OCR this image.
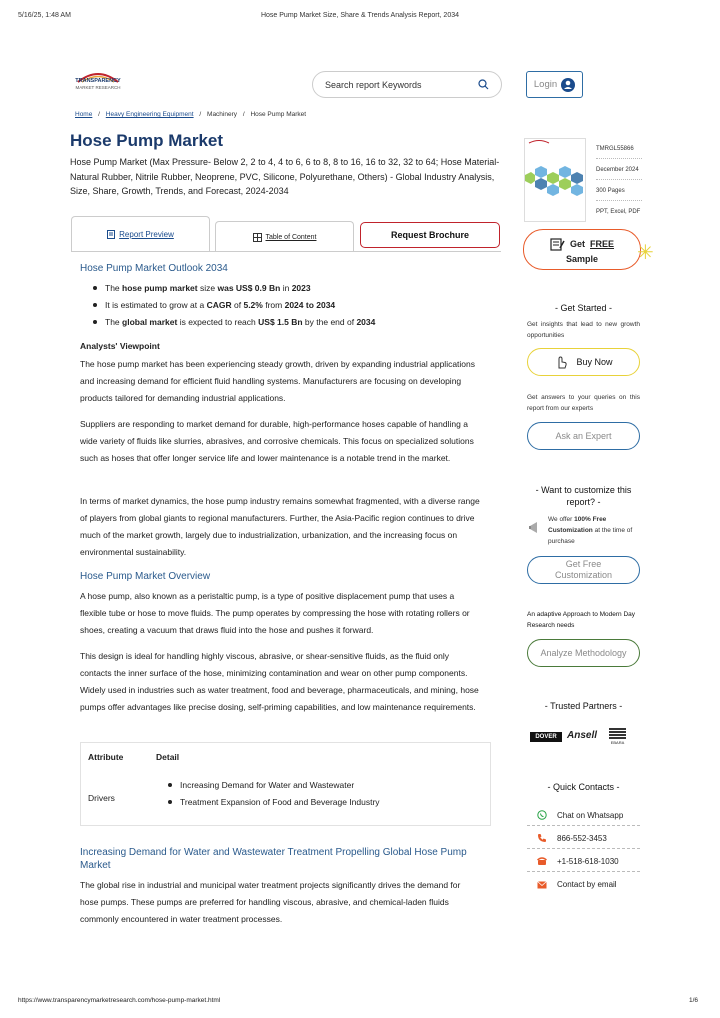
5/16/25, 1:48 AM	Hose Pump Market Size, Share & Trends Analysis Report, 2034
TRANSPARENCY
MARKET RESEARCH	Search report Keywords	Login
Home / Heavy Engineering Equipment / Machinery / Hose Pump Market
Hose Pump Market
Hose Pump Market (Max Pressure- Below 2, 2 to 4, 4 to 6, 6 to 8, 8 to 16, 16 to 32, 32 to 64; Hose Material- Natural Rubber, Nitrile Rubber, Neoprene, PVC, Silicone, Polyurethane, Others) - Global Industry Analysis, Size, Share, Growth, Trends, and Forecast, 2024-2034
TMRGL55866
December 2024
300 Pages
PPT, Excel, PDF
Report Preview	Table of Content	Request Brochure
Get FREE
Sample	✳
Hose Pump Market Outlook 2034
The hose pump market size was US$ 0.9 Bn in 2023
It is estimated to grow at a CAGR of 5.2% from 2024 to 2034
The global market is expected to reach US$ 1.5 Bn by the end of 2034
Analysts' Viewpoint
The hose pump market has been experiencing steady growth, driven by expanding industrial applications and increasing demand for efficient fluid handling systems. Manufacturers are focusing on developing products tailored for demanding industrial applications.
Suppliers are responding to market demand for durable, high-performance hoses capable of handling a wide variety of fluids like slurries, abrasives, and corrosive chemicals. This focus on specialized solutions such as hoses that offer longer service life and lower maintenance is a notable trend in the market.
In terms of market dynamics, the hose pump industry remains somewhat fragmented, with a diverse range of players from global giants to regional manufacturers. Further, the Asia-Pacific region continues to drive much of the market growth, largely due to industrialization, urbanization, and the increasing focus on environmental sustainability.
Hose Pump Market Overview
A hose pump, also known as a peristaltic pump, is a type of positive displacement pump that uses a flexible tube or hose to move fluids. The pump operates by compressing the hose with rotating rollers or shoes, creating a vacuum that draws fluid into the hose and pushes it forward.
This design is ideal for handling highly viscous, abrasive, or shear-sensitive fluids, as the fluid only contacts the inner surface of the hose, minimizing contamination and wear on other pump components. Widely used in industries such as water treatment, food and beverage, pharmaceuticals, and mining, hose pumps offer advantages like precise dosing, self-priming capabilities, and low maintenance requirements.
Attribute	Detail
Drivers
Increasing Demand for Water and Wastewater
Treatment Expansion of Food and Beverage Industry
Increasing Demand for Water and Wastewater Treatment Propelling Global Hose Pump Market
The global rise in industrial and municipal water treatment projects significantly drives the demand for hose pumps. These pumps are preferred for handling viscous, abrasive, and chemical-laden fluids commonly encountered in water treatment processes.
- Get Started -
Get insights that lead to new growth opportunities
Buy Now
Get answers to your queries on this report from our experts
Ask an Expert
- Want to customize this report? -
We offer 100% Free Customization at the time of purchase
Get Free Customization
An adaptive Approach to Modern Day Research needs
Analyze Methodology
- Trusted Partners -
DOVER	Ansell
EBARA
- Quick Contacts -
Chat on Whatsapp
866-552-3453
+1-518-618-1030
Contact by email
https://www.transparencymarketresearch.com/hose-pump-market.html	1/6
